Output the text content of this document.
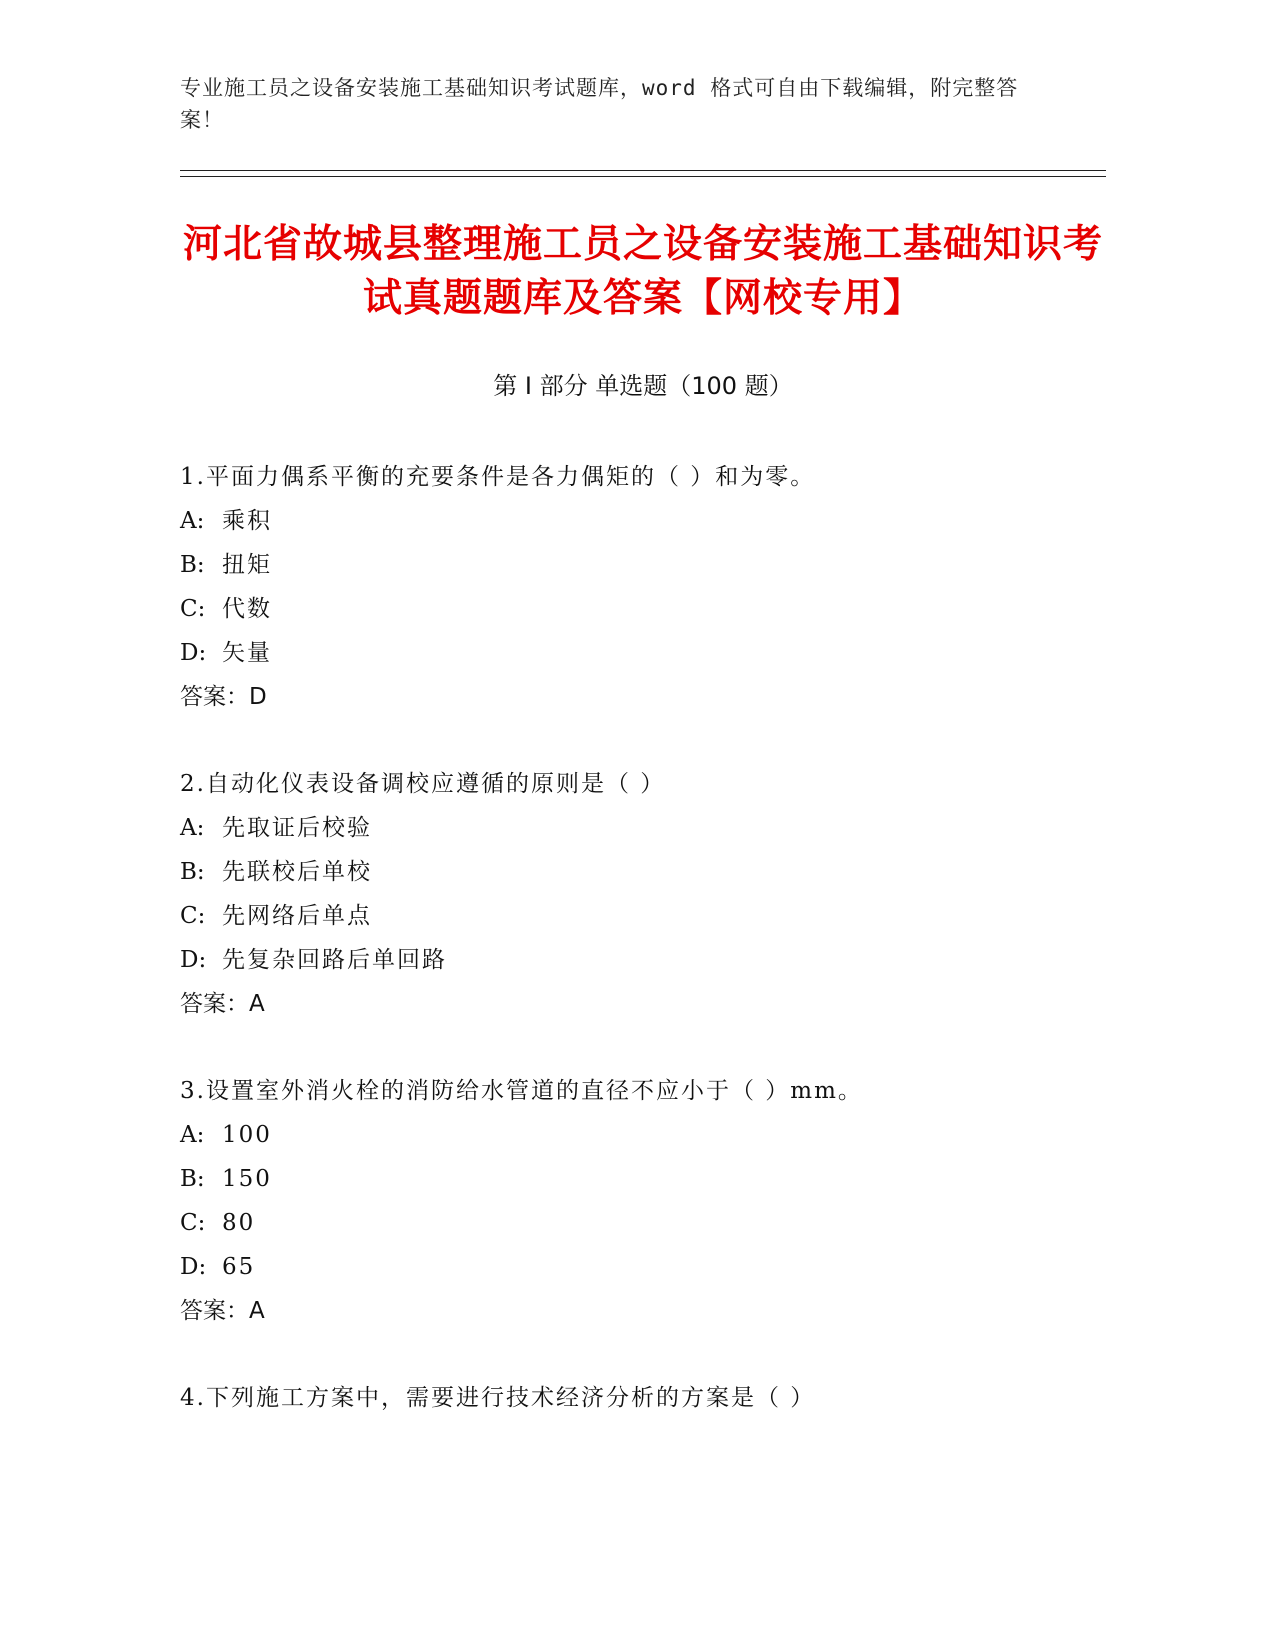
专业施工员之设备安装施工基础知识考试题库，word 格式可自由下载编辑，附完整答案！
河北省故城县整理施工员之设备安装施工基础知识考试真题题库及答案【网校专用】
第 I 部分 单选题（100 题）
1.平面力偶系平衡的充要条件是各力偶矩的（ ）和为零。
A: 乘积
B: 扭矩
C: 代数
D: 矢量
答案：D
2.自动化仪表设备调校应遵循的原则是（ ）
A: 先取证后校验
B: 先联校后单校
C: 先网络后单点
D: 先复杂回路后单回路
答案：A
3.设置室外消火栓的消防给水管道的直径不应小于（ ）mm。
A: 100
B: 150
C: 80
D: 65
答案：A
4.下列施工方案中，需要进行技术经济分析的方案是（ ）
